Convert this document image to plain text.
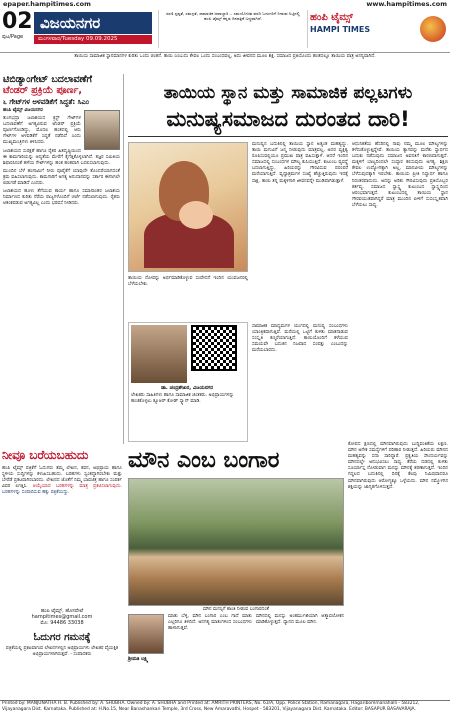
epaper.hampitimes.com	www.hampitimes.com
02
ಪುಟ/Page
ವಿಜಯನಗರ
ಮಂಗಳವಾರ/Tuesday 09.09.2025
ಸರಣಿ ಸ್ಪಷ್ಟತೆ, ಸಮಗ್ರತೆ, ಸಾಮಾಜಿಕ ಜವಾಬ್ದಾರಿ... ಸಮಯೋಚಿತ ವರದಿ ಓದುಗರಿಗೆ ನೀಡುವ ನಿಟ್ಟಿನಲ್ಲಿ ಹಂಪಿ ಟೈಮ್ಸ್ ಕನ್ನಡ ದಿನಪತ್ರಿಕೆ ಬದ್ಧವಾಗಿದೆ.	ಹಂಪಿ ಟೈಮ್ಸ್
HAMPI TIMES
ತಾಯಿಯ ಸಾಮಾಜಿಕ ಸ್ಥಾನಮಾನಗಳ ಕುರಿತು ಒಂದು ಚಿಂತನೆ. ತಾಯಿ ಎಂಬುದು ಕೇವಲ ಒಂದು ಸಂಬಂಧವಲ್ಲ, ಅದು ಜೀವನದ ಮೂಲ ಶಕ್ತಿ. ಸಮಾಜದ ಪ್ರತಿಯೊಂದು ಹಂತದಲ್ಲೂ ತಾಯಿಯ ಪಾತ್ರ ಅನನ್ಯವಾಗಿದೆ.
ಟಿಬಿಡ್ಯಾಂಗೇಟ್ ಬದಲಾವಣೆಗೆ
ಟೆಂಡರ್ ಪ್ರಕ್ರಿಯೆ ಪೂರ್ಣ,
೬ ಗೇಟ್‌ಗಳ ಅಳವಡಿಕೆಗೆ ಸಿದ್ಧತೆ: ಸಿಎಂ

ಹಂಪಿ ಟೈಮ್ಸ್ ವಿಜಯನಗರ

ತುಂಗಭದ್ರಾ ಜಲಾಶಯದ ಕ್ರಸ್ಟ್ ಗೇಟ್‌ಗಳ ಬದಲಾವಣೆಗೆ ಅಗತ್ಯವಿರುವ ಟೆಂಡರ್ ಪ್ರಕ್ರಿಯೆ ಪೂರ್ಣಗೊಂಡಿದ್ದು, ಮೊದಲ ಹಂತದಲ್ಲಿ ಆರು ಗೇಟ್‌ಗಳ ಅಳವಡಿಕೆಗೆ ಸಿದ್ಧತೆ ನಡೆದಿದೆ ಎಂದು ಮುಖ್ಯಮಂತ್ರಿಗಳು ತಿಳಿಸಿದರು.

ಜಲಾಶಯದ ಸುರಕ್ಷತೆ ಹಾಗೂ ರೈತರ ಹಿತದೃಷ್ಟಿಯಿಂದ ಈ ಕಾಮಗಾರಿಯನ್ನು ಆದ್ಯತೆಯ ಮೇರೆಗೆ ಕೈಗೆತ್ತಿಕೊಳ್ಳಲಾಗಿದೆ. ತಜ್ಞರ ಸಮಿತಿಯ ಶಿಫಾರಸಿನಂತೆ ಹಳೆಯ ಗೇಟ್‌ಗಳನ್ನು ಹಂತ ಹಂತವಾಗಿ ಬದಲಿಸಲಾಗುವುದು.

ಮುಂದಿನ ಬೆಳೆ ಹಂಗಾಮಿಗೆ ನೀರು ಪೂರೈಕೆಗೆ ಯಾವುದೇ ತೊಂದರೆಯಾಗದಂತೆ ಕ್ರಮ ವಹಿಸಲಾಗುವುದು. ಕಾಮಗಾರಿಗೆ ಅಗತ್ಯ ಅನುದಾನವನ್ನು ಸರ್ಕಾರ ಈಗಾಗಲೇ ಬಿಡುಗಡೆ ಮಾಡಿದೆ ಎಂದರು.

ಜಲಾಶಯದ ಹೂಳು ತೆಗೆಯುವ ಕಾರ್ಯ ಹಾಗೂ ಸಮಾನಾಂತರ ಜಲಾಶಯ ನಿರ್ಮಾಣದ ಕುರಿತು ನೆರೆಯ ರಾಜ್ಯಗಳೊಂದಿಗೆ ಚರ್ಚೆ ನಡೆಸಲಾಗುವುದು. ರೈತರು ಆತಂಕಪಡುವ ಅಗತ್ಯವಿಲ್ಲ ಎಂದು ಭರವಸೆ ನೀಡಿದರು.

ತಾಯಿಯ ಸ್ಥಾನ ಮತ್ತು ಸಾಮಾಜಿಕ ಪಲ್ಲಟಗಳು
ಮನುಷ್ಯಸಮಾಜದ ದುರಂತದ ದಾರಿ!
ತಾಯಿಯ ನೋವನ್ನು ಅರ್ಥಮಾಡಿಕೊಳ್ಳುವ ಸಂವೇದನೆ ಇಂದಿನ ಯುವಜನರಲ್ಲಿ ಬೆಳೆಯಬೇಕು.
ಮನುಷ್ಯನ ಬದುಕಿನಲ್ಲಿ ತಾಯಿಯ ಸ್ಥಾನ ಅತ್ಯಂತ ಮಹತ್ವದ್ದು. ತಾಯಿ ಮಗುವಿಗೆ ಜನ್ಮ ನೀಡುವುದು ಮಾತ್ರವಲ್ಲ, ಅದರ ವ್ಯಕ್ತಿತ್ವ ರೂಪಿಸುವಲ್ಲಿಯೂ ಪ್ರಮುಖ ಪಾತ್ರ ವಹಿಸುತ್ತಾಳೆ. ಆದರೆ ಇಂದಿನ ಸಮಾಜದಲ್ಲಿ ಸಂಬಂಧಗಳ ಮೌಲ್ಯ ಕುಸಿಯುತ್ತಿದೆ. ಕುಟುಂಬ ವ್ಯವಸ್ಥೆ ಬದಲಾಗುತ್ತಿದ್ದು, ಹಿರಿಯರನ್ನು ಗೌರವಿಸುವ ಪರಂಪರೆ ಮರೆಯಾಗುತ್ತಿದೆ. ವೃದ್ಧಾಶ್ರಮಗಳ ಸಂಖ್ಯೆ ಹೆಚ್ಚುತ್ತಿರುವುದು ಇದಕ್ಕೆ ಸಾಕ್ಷಿ. ತಾಯಿ ತನ್ನ ಮಕ್ಕಳಿಗಾಗಿ ಜೀವನವನ್ನೇ ಮುಡಿಪಾಗಿಡುತ್ತಾಳೆ.
ಆಧುನಿಕತೆಯ ಹೆಸರಿನಲ್ಲಿ ನಾವು ನಮ್ಮ ಮೂಲ ಮೌಲ್ಯಗಳನ್ನು ಕಳೆದುಕೊಳ್ಳುತ್ತಿದ್ದೇವೆ. ತಾಯಿಯ ತ್ಯಾಗವನ್ನು ಮರೆತು ಸ್ವಾರ್ಥದ ಬದುಕು ನಡೆಸುವುದು ಸಮಾಜದ ಅವನತಿಗೆ ಕಾರಣವಾಗುತ್ತದೆ. ಮಕ್ಕಳಿಗೆ ಬಾಲ್ಯದಿಂದಲೇ ಸಂಸ್ಕಾರ ಕಲಿಸುವುದು ಅಗತ್ಯ. ಶಿಕ್ಷಣ ಕೇವಲ ಉದ್ಯೋಗಕ್ಕಾಗಿ ಅಲ್ಲ, ಮಾನವೀಯ ಮೌಲ್ಯಗಳನ್ನು ಬೆಳೆಸುವುದಕ್ಕಾಗಿ ಇರಬೇಕು. ತಾಯಿಯ ಪ್ರೀತಿ ನಿಸ್ವಾರ್ಥ ಹಾಗೂ ನಿರಂತರವಾದುದು. ಅದನ್ನು ಅರಿತು ಗೌರವಿಸುವುದು ಪ್ರತಿಯೊಬ್ಬರ ಕರ್ತವ್ಯ. ಸಮಾಜದ ಸ್ವಾಸ್ಥ್ಯ ಕುಟುಂಬದ ಸ್ವಾಸ್ಥ್ಯದಿಂದ ಆರಂಭವಾಗುತ್ತದೆ. ಕುಟುಂಬದಲ್ಲಿ ತಾಯಿಯ ಸ್ಥಾನ ಗೌರವಯುತವಾಗಿದ್ದರೆ ಮಾತ್ರ ಮುಂದಿನ ಪೀಳಿಗೆ ಸುಸಂಸ್ಕೃತವಾಗಿ ಬೆಳೆಯಲು ಸಾಧ್ಯ.
ಸಾಮಾಜಿಕ ಮಾಧ್ಯಮಗಳ ಯುಗದಲ್ಲಿ ಮನುಷ್ಯ ಸಂಬಂಧಗಳು ಯಾಂತ್ರಿಕವಾಗುತ್ತಿವೆ. ಮನೆಯಲ್ಲಿ ಒಟ್ಟಿಗೆ ಕುಳಿತು ಮಾತನಾಡುವ ಸಂಸ್ಕೃತಿ ಕಣ್ಮರೆಯಾಗುತ್ತಿದೆ. ತಾಯಿಯೊಂದಿಗೆ ಕಳೆಯುವ ಸಮಯವೇ ಬದುಕಿನ ನಿಜವಾದ ಸಂಪತ್ತು ಎಂಬುದನ್ನು ಮರೆಯಬಾರದು.
ಡಾ. ಚಂದ್ರಶೇಖರ, ವಿಜಯನಗರ
ಲೇಖಕರು ಸಾಹಿತಿಗಳು ಹಾಗೂ ಸಾಮಾಜಿಕ ಚಿಂತಕರು. ಅಭಿಪ್ರಾಯಗಳನ್ನು ಹಂಚಿಕೊಳ್ಳಲು ಕ್ಯೂಆರ್ ಕೋಡ್ ಸ್ಕ್ಯಾನ್ ಮಾಡಿ.
ನೀವೂ ಬರೆಯಬಹುದು
ಹಂಪಿ ಟೈಮ್ಸ್ ಪತ್ರಿಕೆಗೆ ಓದುಗರು ತಮ್ಮ ಲೇಖನ, ಕವನ, ಅಭಿಪ್ರಾಯ ಹಾಗೂ ಸ್ಥಳೀಯ ಸುದ್ದಿಗಳನ್ನು ಕಳುಹಿಸಬಹುದು. ಬರಹಗಳು ಸ್ವಂತದ್ದಾಗಿರಬೇಕು ಮತ್ತು ಬೇರೆಡೆ ಪ್ರಕಟವಾಗಿರಬಾರದು. ಲೇಖನದ ಜೊತೆಗೆ ನಿಮ್ಮ ಭಾವಚಿತ್ರ ಹಾಗೂ ಸಂಪರ್ಕ ವಿವರ ಲಗತ್ತಿಸಿ. ಆಯ್ಕೆಯಾದ ಬರಹಗಳನ್ನು ಮಾತ್ರ ಪ್ರಕಟಿಸಲಾಗುವುದು. ಬರಹಗಳನ್ನು ಸಂಪಾದಿಸುವ ಹಕ್ಕು ಪತ್ರಿಕೆಯದ್ದು.
ಹಂಪಿ ಟೈಮ್ಸ್, ಹೊಸಪೇಟೆ
hampitimes@gmail.com
ಮೊ: 94486 33038
ಓದುಗರ ಗಮನಕ್ಕೆ
ಪತ್ರಿಕೆಯಲ್ಲಿ ಪ್ರಕಟವಾಗುವ ಲೇಖನಗಳಲ್ಲಿನ ಅಭಿಪ್ರಾಯಗಳು ಲೇಖಕರ ವೈಯಕ್ತಿಕ ಅಭಿಪ್ರಾಯಗಳಾಗಿರುತ್ತವೆ. - ಸಂಪಾದಕರು
ಮೌನ ಎಂಬ ಬಂಗಾರ
ಮೌನ ಮನಸ್ಸಿಗೆ ಶಾಂತಿ ನೀಡುವ ಬಂಗಾರದಂತೆ
ಶ್ರೀಮತಿ ಲಕ್ಷ್ಮಿ
ಮಾತು ಬೆಳ್ಳಿ, ಮೌನ ಬಂಗಾರ ಎಂಬ ಗಾದೆ ಮಾತು ಎಲ್ಲರಿಗೂ ತಿಳಿದಿದೆ. ಅನಗತ್ಯ ಮಾತುಗಳಿಂದ ಸಂಬಂಧಗಳು ಹಾಳಾಗುತ್ತವೆ.
ಮೌನದಲ್ಲಿ ಮನಸ್ಸು ಅಂತರ್ಮುಖಿಯಾಗಿ ಆತ್ಮಾವಲೋಕನ ಮಾಡಿಕೊಳ್ಳುತ್ತದೆ. ಧ್ಯಾನದ ಮೂಲ ಮೌನ.
ಕೋಪದ ಕ್ಷಣದಲ್ಲಿ ಮೌನವಾಗಿರುವುದು ಬುದ್ಧಿವಂತಿಕೆಯ ಲಕ್ಷಣ. ಮೌನ ಅನೇಕ ಸಮಸ್ಯೆಗಳಿಗೆ ಪರಿಹಾರ ನೀಡುತ್ತದೆ. ಹಿರಿಯರು ಮೌನದ ಮಹತ್ವವನ್ನು ಸದಾ ಸಾರಿದ್ದಾರೆ. ಪ್ರಕೃತಿಯ ಸೌಂದರ್ಯವನ್ನು ಮೌನದಲ್ಲೇ ಅನುಭವಿಸಲು ಸಾಧ್ಯ. ಕೆರೆಯ ದಡದಲ್ಲಿ ಕುಳಿತು ಸೂರ್ಯಾಸ್ತ ನೋಡುವಾಗ ಮನಸ್ಸು ಮೌನಕ್ಕೆ ಶರಣಾಗುತ್ತದೆ. ಇಂದಿನ ಗದ್ದಲದ ಬದುಕಿನಲ್ಲಿ ದಿನಕ್ಕೆ ಕೆಲವು ನಿಮಿಷವಾದರೂ ಮೌನವಾಗಿರುವುದು ಆರೋಗ್ಯಕ್ಕೂ ಒಳ್ಳೆಯದು. ಮೌನ ನಮ್ಮೊಳಗಿನ ಶಕ್ತಿಯನ್ನು ಜಾಗೃತಗೊಳಿಸುತ್ತದೆ.
Printed by: MANJUNATHA H. B. Published by: A. SHUBHA. Owned by: A. SHUBHA and Printed at: AMRITH PRINTERS, No. 63/A, Opp. Police Station, Ramanagara, Hagaribommanahalli - 583212, Vijayanagara Dist. Karnataka. Published at: H.No.15, Near Banashankari Temple, 3rd Cross, New Amaravathi, Hospet - 583201, Vijayanagara Dist. Karnataka. Editor: BASAPUR BASAVARAJA.
